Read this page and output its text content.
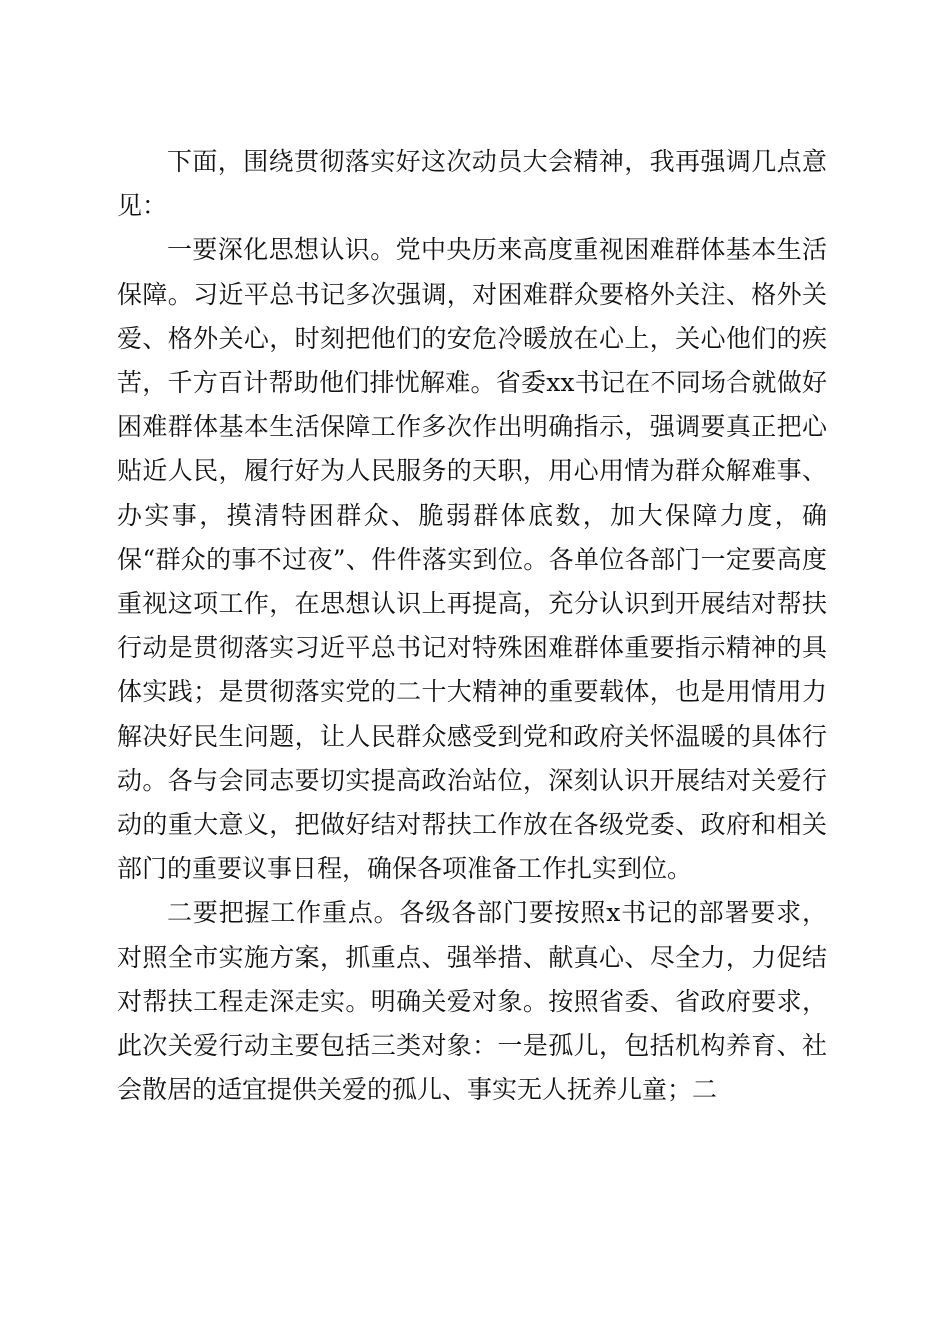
下面，围绕贯彻落实好这次动员大会精神，我再强调几点意见：

一要深化思想认识。党中央历来高度重视困难群体基本生活保障。习近平总书记多次强调，对困难群众要格外关注、格外关爱、格外关心，时刻把他们的安危冷暖放在心上，关心他们的疾苦，千方百计帮助他们排忧解难。省委xx书记在不同场合就做好困难群体基本生活保障工作多次作出明确指示，强调要真正把心贴近人民，履行好为人民服务的天职，用心用情为群众解难事、办实事，摸清特困群众、脆弱群体底数，加大保障力度，确保“群众的事不过夜”、件件落实到位。各单位各部门一定要高度重视这项工作，在思想认识上再提高，充分认识到开展结对帮扶行动是贯彻落实习近平总书记对特殊困难群体重要指示精神的具体实践；是贯彻落实党的二十大精神的重要载体，也是用情用力解决好民生问题，让人民群众感受到党和政府关怀温暖的具体行动。各与会同志要切实提高政治站位，深刻认识开展结对关爱行动的重大意义，把做好结对帮扶工作放在各级党委、政府和相关部门的重要议事日程，确保各项准备工作扎实到位。

二要把握工作重点。各级各部门要按照x书记的部署要求，对照全市实施方案，抓重点、强举措、献真心、尽全力，力促结对帮扶工程走深走实。明确关爱对象。按照省委、省政府要求，此次关爱行动主要包括三类对象：一是孤儿，包括机构养育、社会散居的适宜提供关爱的孤儿、事实无人抚养儿童；二
